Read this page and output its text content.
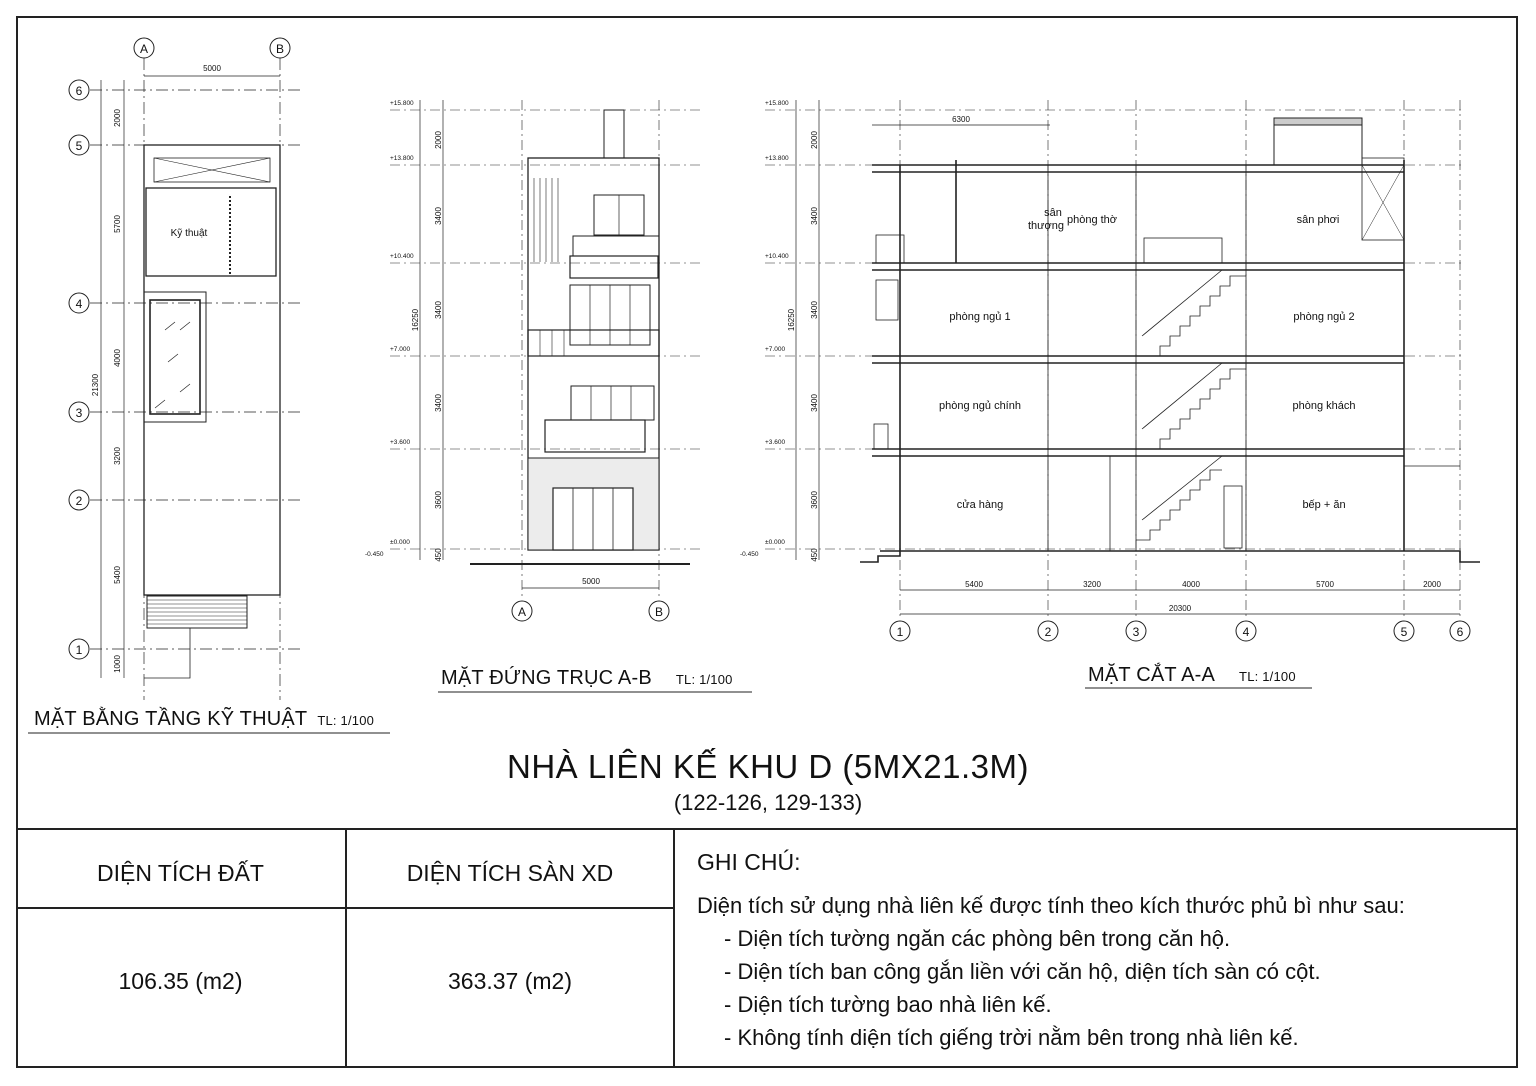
A	B
5000
6
5
4
3
2
1
2000
5700
4000
3200
5400
1000
21300
Kỹ thuật
+15.800
+13.800
+10.400
+7.000
+3.600
±0.000
-0.450
2000
3400
3400
3400
3600
450
16250
5000
A	B
+15.800
+13.800
+10.400
+7.000
+3.600
±0.000
-0.450
2000
3400
3400
3400
3600
450
16250
6300
sân
thượng phòng thờ	sân phơi
phòng ngủ 1	phòng ngủ 2
phòng ngủ chính	phòng khách
cửa hàng	bếp + ăn
5400	3200	4000	5700	2000
20300
1	2	3	4	5	6
MẶT BẰNG TẦNG KỸ THUẬT TL: 1/100
MẶT ĐỨNG TRỤC A-B TL: 1/100	MẶT CẮT A-A TL: 1/100
NHÀ LIÊN KẾ KHU D (5MX21.3M)
(122-126, 129-133)
DIỆN TÍCH ĐẤT	DIỆN TÍCH SÀN XD
106.35 (m2)	363.37 (m2)
GHI CHÚ:
Diện tích sử dụng nhà liên kế được tính theo kích thước phủ bì như sau:
- Diện tích tường ngăn các phòng bên trong căn hộ.
- Diện tích ban công gắn liền với căn hộ, diện tích sàn có cột.
- Diện tích tường bao nhà liên kế.
- Không tính diện tích giếng trời nằm bên trong nhà liên kế.
